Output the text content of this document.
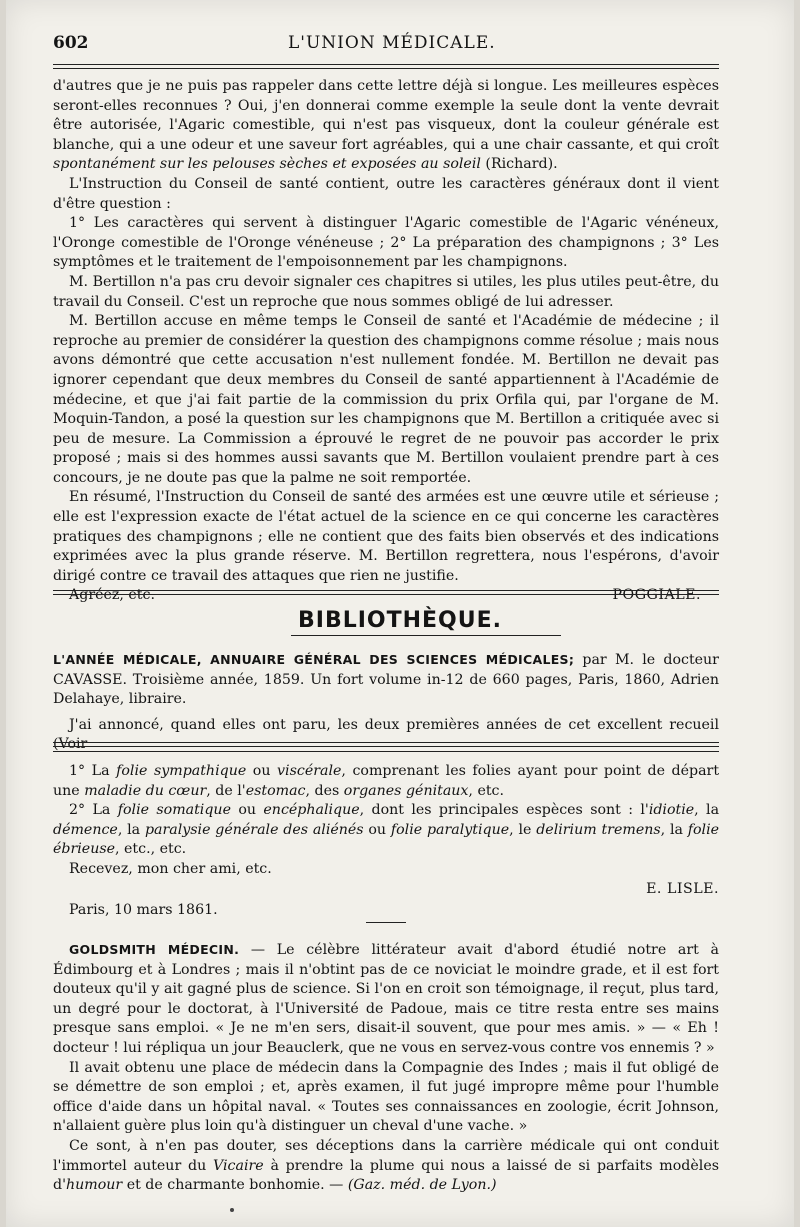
602	L'UNION MÉDICALE.

d'autres que je ne puis pas rappeler dans cette lettre déjà si longue. Les meilleures espèces seront-elles reconnues ? Oui, j'en donnerai comme exemple la seule dont la vente devrait être autorisée, l'Agaric comestible, qui n'est pas visqueux, dont la couleur générale est blanche, qui a une odeur et une saveur fort agréables, qui a une chair cassante, et qui croît spontanément sur les pelouses sèches et exposées au soleil (Richard).

L'Instruction du Conseil de santé contient, outre les caractères généraux dont il vient d'être question :

1° Les caractères qui servent à distinguer l'Agaric comestible de l'Agaric vénéneux, l'Oronge comestible de l'Oronge vénéneuse ; 2° La préparation des champignons ; 3° Les symptômes et le traitement de l'empoisonnement par les champignons.

M. Bertillon n'a pas cru devoir signaler ces chapitres si utiles, les plus utiles peut-être, du travail du Conseil. C'est un reproche que nous sommes obligé de lui adresser.

M. Bertillon accuse en même temps le Conseil de santé et l'Académie de médecine ; il reproche au premier de considérer la question des champignons comme résolue ; mais nous avons démontré que cette accusation n'est nullement fondée. M. Bertillon ne devait pas ignorer cependant que deux membres du Conseil de santé appartiennent à l'Académie de médecine, et que j'ai fait partie de la commission du prix Orfila qui, par l'organe de M. Moquin-Tandon, a posé la question sur les champignons que M. Bertillon a critiquée avec si peu de mesure. La Commission a éprouvé le regret de ne pouvoir pas accorder le prix proposé ; mais si des hommes aussi savants que M. Bertillon voulaient prendre part à ces concours, je ne doute pas que la palme ne soit remportée.

En résumé, l'Instruction du Conseil de santé des armées est une œuvre utile et sérieuse ; elle est l'expression exacte de l'état actuel de la science en ce qui concerne les caractères pratiques des champignons ; elle ne contient que des faits bien observés et des indications exprimées avec la plus grande réserve. M. Bertillon regrettera, nous l'espérons, d'avoir dirigé contre ce travail des attaques que rien ne justifie.

Agréez, etc.	POGGIALE.
BIBLIOTHÈQUE.

L'ANNÉE MÉDICALE, ANNUAIRE GÉNÉRAL DES SCIENCES MÉDICALES; par M. le docteur CAVASSE. Troisième année, 1859. Un fort volume in-12 de 660 pages, Paris, 1860, Adrien Delahaye, libraire.

J'ai annoncé, quand elles ont paru, les deux premières années de cet excellent recueil (Voir

1° La folie sympathique ou viscérale, comprenant les folies ayant pour point de départ une maladie du cœur, de l'estomac, des organes génitaux, etc.

2° La folie somatique ou encéphalique, dont les principales espèces sont : l'idiotie, la démence, la paralysie générale des aliénés ou folie paralytique, le delirium tremens, la folie ébrieuse, etc., etc.

Recevez, mon cher ami, etc.

E. LISLE.

Paris, 10 mars 1861.

GOLDSMITH MÉDECIN. — Le célèbre littérateur avait d'abord étudié notre art à Édimbourg et à Londres ; mais il n'obtint pas de ce noviciat le moindre grade, et il est fort douteux qu'il y ait gagné plus de science. Si l'on en croit son témoignage, il reçut, plus tard, un degré pour le doctorat, à l'Université de Padoue, mais ce titre resta entre ses mains presque sans emploi. « Je ne m'en sers, disait-il souvent, que pour mes amis. » — « Eh ! docteur ! lui répliqua un jour Beauclerk, que ne vous en servez-vous contre vos ennemis ? »

Il avait obtenu une place de médecin dans la Compagnie des Indes ; mais il fut obligé de se démettre de son emploi ; et, après examen, il fut jugé impropre même pour l'humble office d'aide dans un hôpital naval. « Toutes ses connaissances en zoologie, écrit Johnson, n'allaient guère plus loin qu'à distinguer un cheval d'une vache. »

Ce sont, à n'en pas douter, ses déceptions dans la carrière médicale qui ont conduit l'immortel auteur du Vicaire à prendre la plume qui nous a laissé de si parfaits modèles d'humour et de charmante bonhomie. — (Gaz. méd. de Lyon.)
